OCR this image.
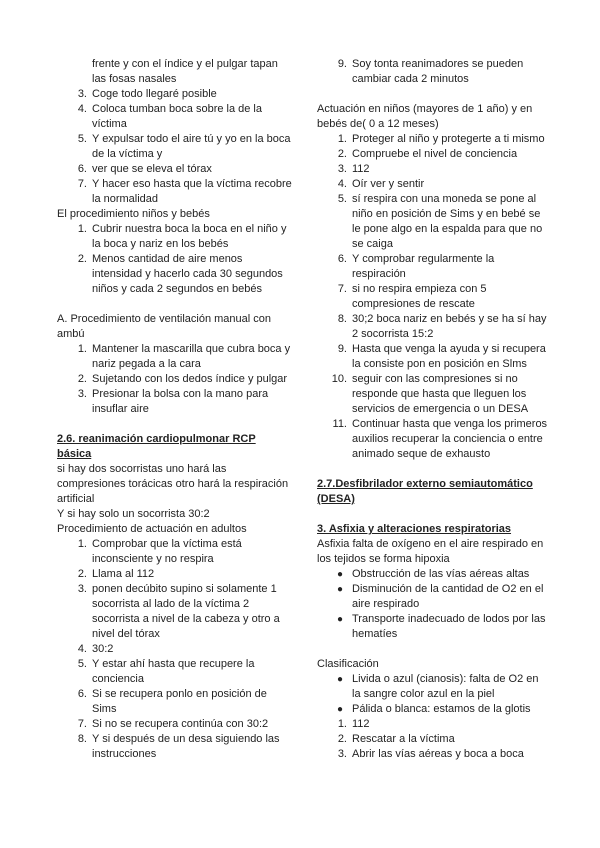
frente y con el índice y el pulgar tapan las fosas nasales

3. Coge todo llegaré posible
4. Coloca tumban boca sobre la de la víctima
5. Y expulsar todo el aire tú y yo en la boca de la víctima y
6. ver que se eleva el tórax
7. Y hacer eso hasta que la víctima recobre la normalidad

El procedimiento niños y bebés

1. Cubrir nuestra boca la boca en el niño y la boca y nariz en los bebés
2. Menos cantidad de aire menos intensidad y hacerlo cada 30 segundos niños y cada 2 segundos en bebés

A. Procedimiento de ventilación manual con ambú

1. Mantener la mascarilla que cubra boca y nariz pegada a la cara
2. Sujetando con los dedos índice y pulgar
3. Presionar la bolsa con la mano para insuflar aire

2.6. reanimación cardiopulmonar RCP básica

si hay dos socorristas uno hará las compresiones torácicas otro hará la respiración artificial

Y si hay solo un socorrista 30:2

Procedimiento de actuación en adultos

1. Comprobar que la víctima está inconsciente y no respira
2. Llama al 112
3. ponen decúbito supino si solamente 1 socorrista al lado de la víctima 2 socorrista a nivel de la cabeza y otro a nivel del tórax
4. 30:2
5. Y estar ahí hasta que recupere la conciencia
6. Si se recupera ponlo en posición de Sims
7. Si no se recupera continúa con 30:2
8. Y si después de un desa siguiendo las instrucciones
9. Soy tonta reanimadores se pueden cambiar cada 2 minutos

Actuación en niños (mayores de 1 año) y en bebés de( 0 a 12 meses)

1. Proteger al niño y protegerte a ti mismo
2. Compruebe el nivel de conciencia
3. 112
4. Oír ver y sentir
5. sí respira con una moneda se pone al niño en posición de Sims y en bebé se le pone algo en la espalda para que no se caiga
6. Y comprobar regularmente la respiración
7. si no respira empieza con 5 compresiones de rescate
8. 30;2 boca nariz en bebés y se ha sí hay 2 socorrista 15:2
9. Hasta que venga la ayuda y si recupera la consiste pon en posición en Slms
10. seguir con las compresiones si no responde que hasta que lleguen los servicios de emergencia o un DESA
11. Continuar hasta que venga los primeros auxilios recuperar la conciencia o entre animado seque de exhausto

2.7.Desfibrilador externo semiautomático (DESA)

3. Asfixia y alteraciones respiratorias

Asfixia falta de oxígeno en el aire respirado en los tejidos se forma hipoxia

● Obstrucción de las vías aéreas altas
● Disminución de la cantidad de O2 en el aire respirado
● Transporte inadecuado de lodos por las hematíes

Clasificación

● Livida o azul (cianosis): falta de O2 en la sangre color azul en la piel
● Pálida o blanca: estamos de la glotis
1. 112
2. Rescatar a la víctima
3. Abrir las vías aéreas y boca a boca
